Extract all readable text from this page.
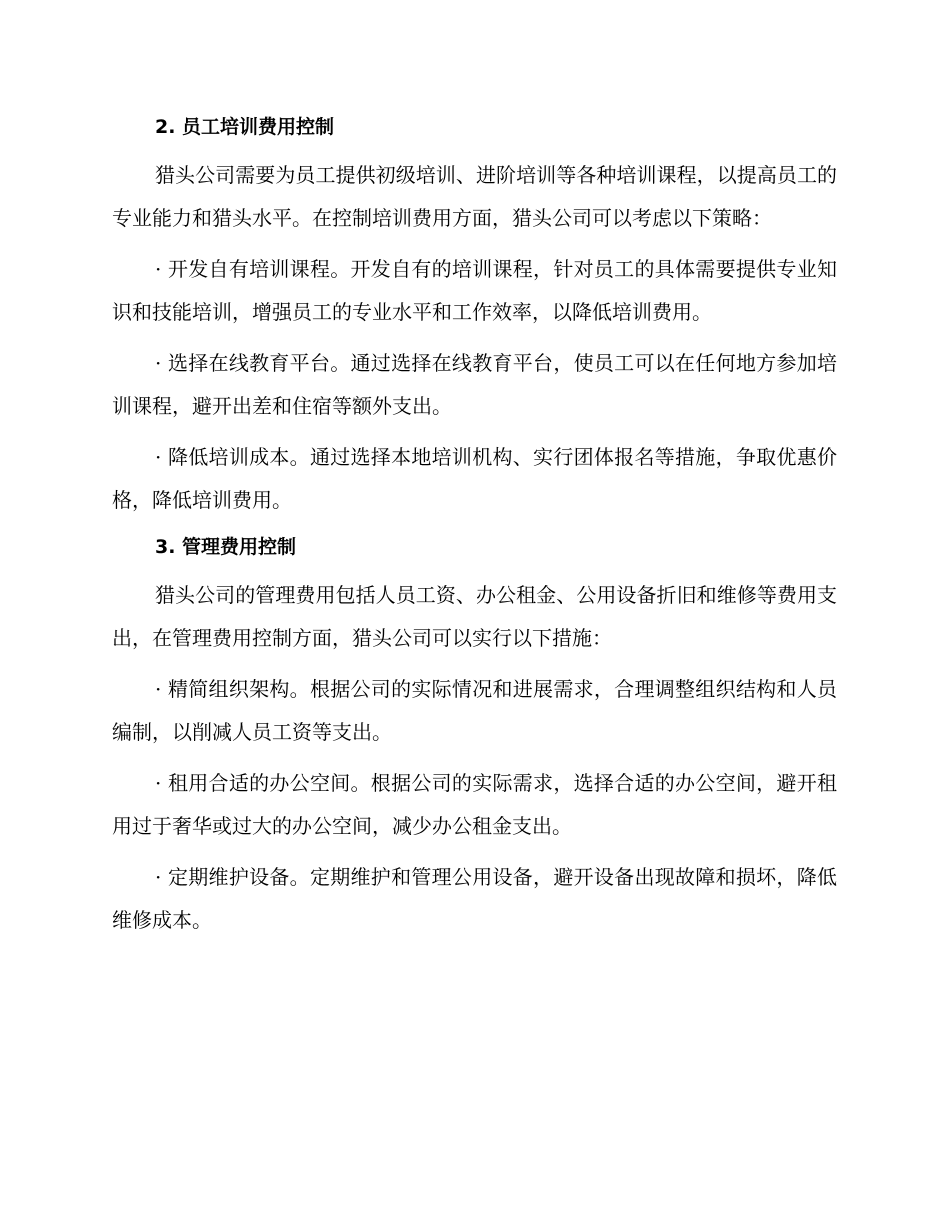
2. 员工培训费用控制

猎头公司需要为员工提供初级培训、进阶培训等各种培训课程，以提高员工的专业能力和猎头水平。在控制培训费用方面，猎头公司可以考虑以下策略：

· 开发自有培训课程。开发自有的培训课程，针对员工的具体需要提供专业知识和技能培训，增强员工的专业水平和工作效率，以降低培训费用。

· 选择在线教育平台。通过选择在线教育平台，使员工可以在任何地方参加培训课程，避开出差和住宿等额外支出。

· 降低培训成本。通过选择本地培训机构、实行团体报名等措施，争取优惠价格，降低培训费用。

3. 管理费用控制

猎头公司的管理费用包括人员工资、办公租金、公用设备折旧和维修等费用支出，在管理费用控制方面，猎头公司可以实行以下措施：

· 精简组织架构。根据公司的实际情况和进展需求，合理调整组织结构和人员编制，以削减人员工资等支出。

· 租用合适的办公空间。根据公司的实际需求，选择合适的办公空间，避开租用过于奢华或过大的办公空间，减少办公租金支出。

· 定期维护设备。定期维护和管理公用设备，避开设备出现故障和损坏，降低维修成本。
